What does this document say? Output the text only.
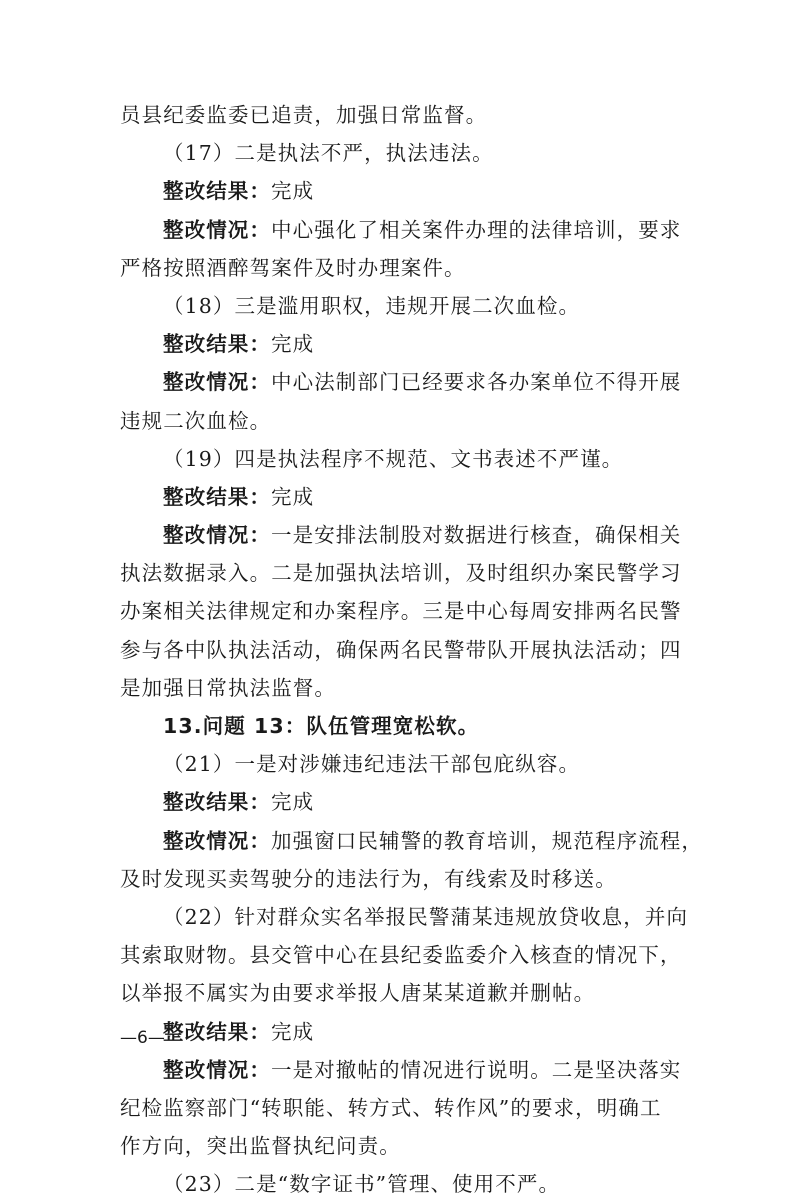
员县纪委监委已追责，加强日常监督。
（17）二是执法不严，执法违法。
整改结果：完成
整改情况：中心强化了相关案件办理的法律培训，要求
严格按照酒醉驾案件及时办理案件。
（18）三是滥用职权，违规开展二次血检。
整改结果：完成
整改情况：中心法制部门已经要求各办案单位不得开展
违规二次血检。
（19）四是执法程序不规范、文书表述不严谨。
整改结果：完成
整改情况：一是安排法制股对数据进行核查，确保相关
执法数据录入。二是加强执法培训，及时组织办案民警学习
办案相关法律规定和办案程序。三是中心每周安排两名民警
参与各中队执法活动，确保两名民警带队开展执法活动；四
是加强日常执法监督。
13.问题 13：队伍管理宽松软。
（21）一是对涉嫌违纪违法干部包庇纵容。
整改结果：完成
整改情况：加强窗口民辅警的教育培训，规范程序流程，
及时发现买卖驾驶分的违法行为，有线索及时移送。
（22）针对群众实名举报民警蒲某违规放贷收息，并向
其索取财物。县交管中心在县纪委监委介入核查的情况下，
以举报不属实为由要求举报人唐某某道歉并删帖。
整改结果：完成
整改情况：一是对撤帖的情况进行说明。二是坚决落实
纪检监察部门“转职能、转方式、转作风”的要求，明确工
作方向，突出监督执纪问责。
（23）二是“数字证书”管理、使用不严。
—6—
